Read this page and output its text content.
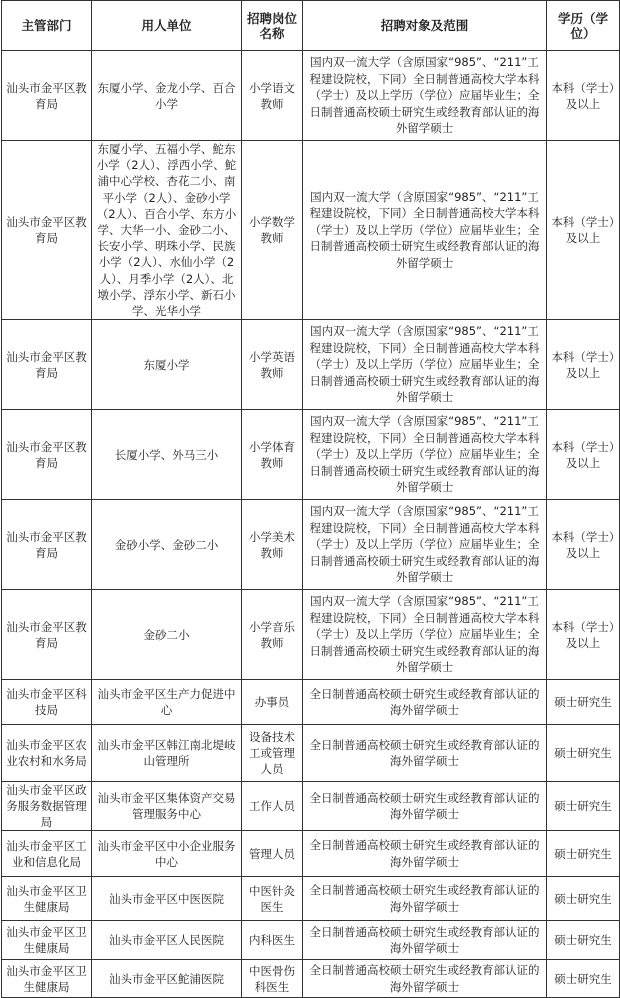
主管部门	用人单位	招聘岗位名称	招聘对象及范围	学历（学位）
汕头市金平区教育局	东厦小学、金龙小学、百合小学	小学语文教师	国内双一流大学（含原国家“985”、“211”工程建设院校，下同）全日制普通高校大学本科（学士）及以上学历（学位）应届毕业生；全日制普通高校硕士研究生或经教育部认证的海外留学硕士	本科（学士）及以上
汕头市金平区教育局	东厦小学、五福小学、鮀东小学（2人）、浮西小学、鮀浦中心学校、杏花二小、南平小学（2人）、金砂小学（2人）、百合小学、东方小学、大华一小、金砂二小、长安小学、明珠小学、民族小学（2人）、水仙小学（2人）、月季小学（2人）、北墩小学、浮东小学、新石小学、光华小学	小学数学教师	国内双一流大学（含原国家“985”、“211”工程建设院校，下同）全日制普通高校大学本科（学士）及以上学历（学位）应届毕业生；全日制普通高校硕士研究生或经教育部认证的海外留学硕士	本科（学士）及以上
汕头市金平区教育局	东厦小学	小学英语教师	国内双一流大学（含原国家“985”、“211”工程建设院校，下同）全日制普通高校大学本科（学士）及以上学历（学位）应届毕业生；全日制普通高校硕士研究生或经教育部认证的海外留学硕士	本科（学士）及以上
汕头市金平区教育局	长厦小学、外马三小	小学体育教师	国内双一流大学（含原国家“985”、“211”工程建设院校，下同）全日制普通高校大学本科（学士）及以上学历（学位）应届毕业生；全日制普通高校硕士研究生或经教育部认证的海外留学硕士	本科（学士）及以上
汕头市金平区教育局	金砂小学、金砂二小	小学美术教师	国内双一流大学（含原国家“985”、“211”工程建设院校，下同）全日制普通高校大学本科（学士）及以上学历（学位）应届毕业生；全日制普通高校硕士研究生或经教育部认证的海外留学硕士	本科（学士）及以上
汕头市金平区教育局	金砂二小	小学音乐教师	国内双一流大学（含原国家“985”、“211”工程建设院校，下同）全日制普通高校大学本科（学士）及以上学历（学位）应届毕业生；全日制普通高校硕士研究生或经教育部认证的海外留学硕士	本科（学士）及以上
汕头市金平区科技局	汕头市金平区生产力促进中心	办事员	全日制普通高校硕士研究生或经教育部认证的海外留学硕士	硕士研究生
汕头市金平区农业农村和水务局	汕头市金平区韩江南北堤岐山管理所	设备技术工或管理人员	全日制普通高校硕士研究生或经教育部认证的海外留学硕士	硕士研究生
汕头市金平区政务服务数据管理局	汕头市金平区集体资产交易管理服务中心	工作人员	全日制普通高校硕士研究生或经教育部认证的海外留学硕士	硕士研究生
汕头市金平区工业和信息化局	汕头市金平区中小企业服务中心	管理人员	全日制普通高校硕士研究生或经教育部认证的海外留学硕士	硕士研究生
汕头市金平区卫生健康局	汕头市金平区中医医院	中医针灸医生	全日制普通高校硕士研究生或经教育部认证的海外留学硕士	硕士研究生
汕头市金平区卫生健康局	汕头市金平区人民医院	内科医生	全日制普通高校硕士研究生或经教育部认证的海外留学硕士	硕士研究生
汕头市金平区卫生健康局	汕头市金平区鮀浦医院	中医骨伤科医生	全日制普通高校硕士研究生或经教育部认证的海外留学硕士	硕士研究生
